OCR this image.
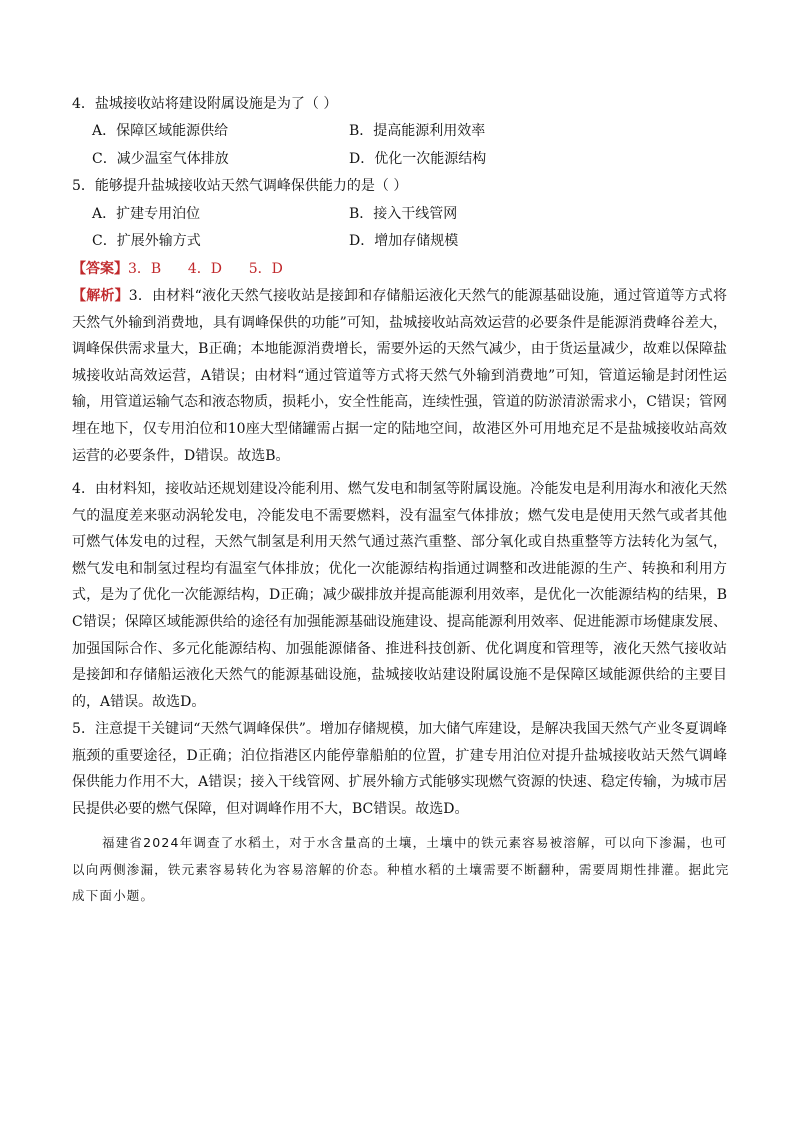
4．盐城接收站将建设附属设施是为了（ ）
A．保障区域能源供给	B．提高能源利用效率
C．减少温室气体排放	D．优化一次能源结构
5．能够提升盐城接收站天然气调峰保供能力的是（ ）
A．扩建专用泊位	B．接入干线管网
C．扩展外输方式	D．增加存储规模
【答案】3．B      4．D      5．D
【解析】3．由材料“液化天然气接收站是接卸和存储船运液化天然气的能源基础设施，通过管道等方式将天然气外输到消费地，具有调峰保供的功能”可知，盐城接收站高效运营的必要条件是能源消费峰谷差大，调峰保供需求量大，B正确；本地能源消费增长，需要外运的天然气减少，由于货运量减少，故难以保障盐城接收站高效运营，A错误；由材料“通过管道等方式将天然气外输到消费地”可知，管道运输是封闭性运输，用管道运输气态和液态物质，损耗小，安全性能高，连续性强，管道的防淤清淤需求小，C错误；管网埋在地下，仅专用泊位和10座大型储罐需占据一定的陆地空间，故港区外可用地充足不是盐城接收站高效运营的必要条件，D错误。故选B。
4．由材料知，接收站还规划建设冷能利用、燃气发电和制氢等附属设施。冷能发电是利用海水和液化天然气的温度差来驱动涡轮发电，冷能发电不需要燃料，没有温室气体排放；燃气发电是使用天然气或者其他可燃气体发电的过程，天然气制氢是利用天然气通过蒸汽重整、部分氧化或自热重整等方法转化为氢气，燃气发电和制氢过程均有温室气体排放；优化一次能源结构指通过调整和改进能源的生产、转换和利用方式，是为了优化一次能源结构，D正确；减少碳排放并提高能源利用效率，是优化一次能源结构的结果，BC错误；保障区域能源供给的途径有加强能源基础设施建设、提高能源利用效率、促进能源市场健康发展、加强国际合作、多元化能源结构、加强能源储备、推进科技创新、优化调度和管理等，液化天然气接收站是接卸和存储船运液化天然气的能源基础设施，盐城接收站建设附属设施不是保障区域能源供给的主要目的，A错误。故选D。
5．注意提干关键词“天然气调峰保供”。增加存储规模，加大储气库建设，是解决我国天然气产业冬夏调峰瓶颈的重要途径，D正确；泊位指港区内能停靠船舶的位置，扩建专用泊位对提升盐城接收站天然气调峰保供能力作用不大，A错误；接入干线管网、扩展外输方式能够实现燃气资源的快速、稳定传输，为城市居民提供必要的燃气保障，但对调峰作用不大，BC错误。故选D。
福建省2024年调查了水稻土，对于水含量高的土壤，土壤中的铁元素容易被溶解，可以向下渗漏，也可以向两侧渗漏，铁元素容易转化为容易溶解的价态。种植水稻的土壤需要不断翻种，需要周期性排灌。据此完成下面小题。
